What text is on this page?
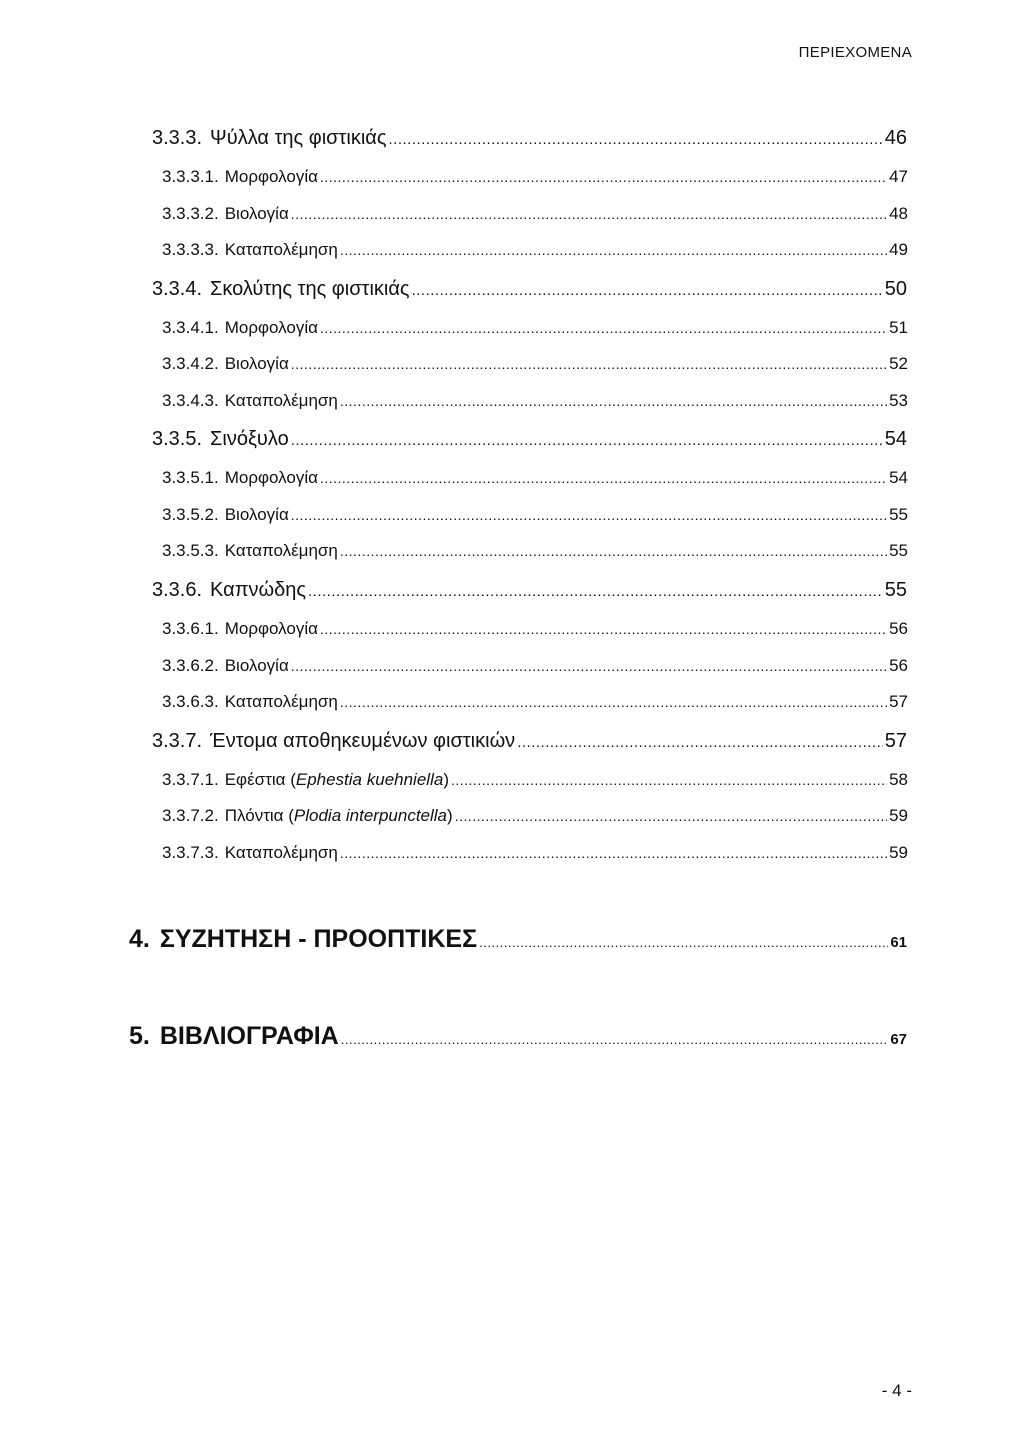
ΠΕΡΙΕΧΟΜΕΝΑ
3.3.3. Ψύλλα της φιστικιάς .....	46
3.3.3.1. Μορφολογία .....	47
3.3.3.2. Βιολογία .....	48
3.3.3.3. Καταπολέμηση .....	49
3.3.4. Σκολύτης της φιστικιάς .....	50
3.3.4.1. Μορφολογία .....	51
3.3.4.2. Βιολογία .....	52
3.3.4.3. Καταπολέμηση .....	53
3.3.5. Σινόξυλο .....	54
3.3.5.1. Μορφολογία .....	54
3.3.5.2. Βιολογία .....	55
3.3.5.3. Καταπολέμηση .....	55
3.3.6. Καπνώδης .....	55
3.3.6.1. Μορφολογία .....	56
3.3.6.2. Βιολογία .....	56
3.3.6.3. Καταπολέμηση .....	57
3.3.7. Έντομα αποθηκευμένων φιστικιών .....	57
3.3.7.1. Εφέστια (Ephestia kuehniella) .....	58
3.3.7.2. Πλόντια (Plodia interpunctella) .....	59
3.3.7.3. Καταπολέμηση .....	59
4. ΣΥΖΗΤΗΣΗ - ΠΡΟΟΠΤΙΚΕΣ .....	61
5. ΒΙΒΛΙΟΓΡΑΦΙΑ .....	67
- 4 -
